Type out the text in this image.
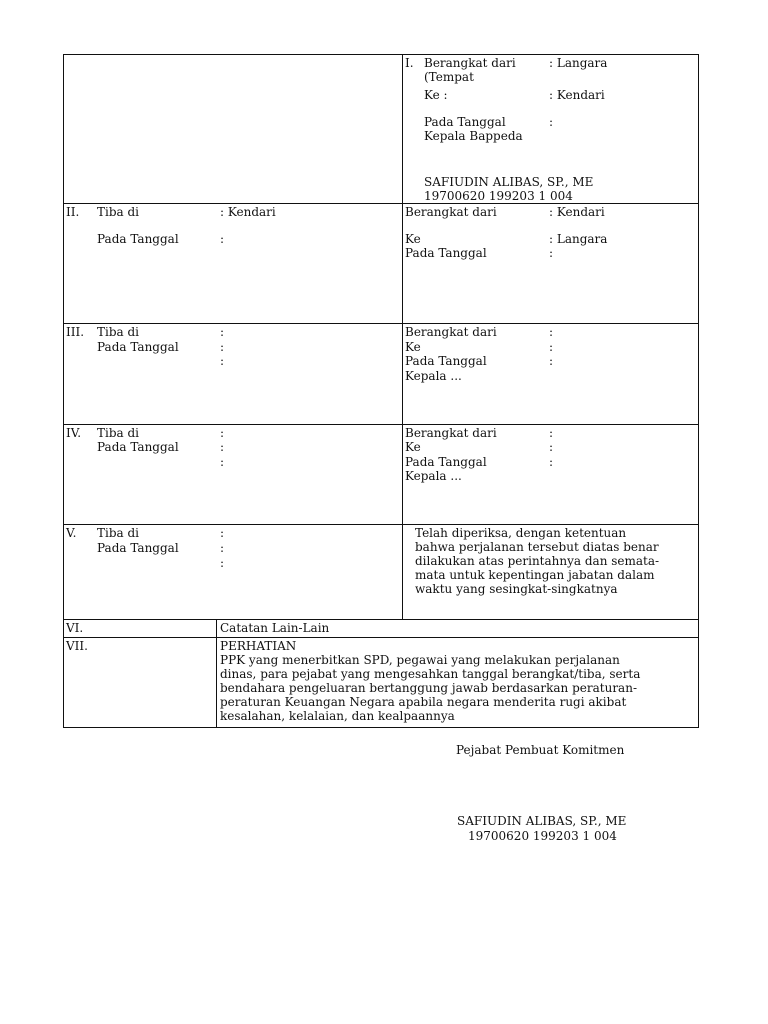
I. Berangkat dari	: Langara
(Tempat
Ke :	: Kendari
Pada Tanggal	:
Kepala Bappeda
SAFIUDIN ALIBAS, SP., ME
19700620 199203 1 004
II. Tiba di	: Kendari
Pada Tanggal	:
Berangkat dari	: Kendari
Ke	: Langara
Pada Tanggal	:
III. Tiba di	:
Pada Tanggal	:
:
Berangkat dari	:
Ke	:
Pada Tanggal	:
Kepala ...
IV. Tiba di	:
Pada Tanggal	:
:
Berangkat dari	:
Ke	:
Pada Tanggal	:
Kepala ...
V. Tiba di	:
Pada Tanggal	:
:
Telah diperiksa, dengan ketentuan
bahwa perjalanan tersebut diatas benar
dilakukan atas perintahnya dan semata-
mata untuk kepentingan jabatan dalam
waktu yang sesingkat-singkatnya
VI.	Catatan Lain-Lain
VII.	PERHATIAN
PPK yang menerbitkan SPD, pegawai yang melakukan perjalanan
dinas, para pejabat yang mengesahkan tanggal berangkat/tiba, serta
bendahara pengeluaran bertanggung jawab berdasarkan peraturan-
peraturan Keuangan Negara apabila negara menderita rugi akibat
kesalahan, kelalaian, dan kealpaannya
Pejabat Pembuat Komitmen
SAFIUDIN ALIBAS, SP., ME
19700620 199203 1 004
